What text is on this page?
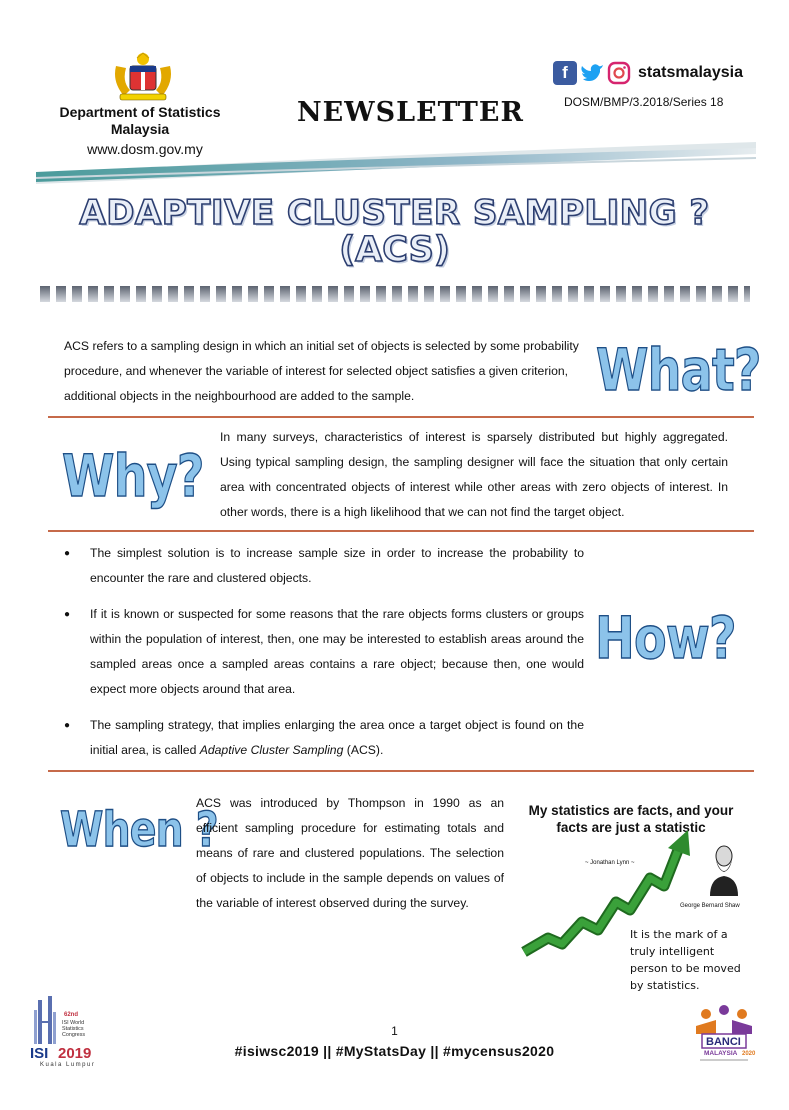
Department of Statistics
Malaysia
www.dosm.gov.my
NEWSLETTER
f	statsmalaysia
DOSM/BMP/3.2018/Series 18
ADAPTIVE CLUSTER SAMPLING ?
(ACS)
ACS refers to a sampling design in which an initial set of objects is selected by some probability procedure, and whenever the variable of interest for selected object satisfies a given criterion, additional objects in the neighbourhood are added to the sample.	What?
Why?
In many surveys, characteristics of interest is sparsely distributed but highly aggregated. Using typical sampling design, the sampling designer will face the situation that only certain area with concentrated objects of interest while other areas with zero objects of interest. In other words, there is a high likelihood that we can not find the target object.
● The simplest solution is to increase sample size in order to increase the probability to encounter the rare and clustered objects.
● If it is known or suspected for some reasons that the rare objects forms clusters or groups within the population of interest, then, one may be interested to establish areas around the sampled areas once a sampled areas contains a rare object; because then, one would expect more objects around that area.
● The sampling strategy, that implies enlarging the area once a target object is found on the initial area, is called Adaptive Cluster Sampling (ACS).
How?
When ?
ACS was introduced by Thompson in 1990 as an efficient sampling procedure for estimating totals and means of rare and clustered populations. The selection of objects to include in the sample depends on values of the variable of interest observed during the survey.
My statistics are facts, and your facts are just a statistic
~ Jonathan Lynn ~
George Bernard Shaw
It is the mark of a truly intelligent person to be moved by statistics.
62nd
ISI World
Statistics
Congress
ISI 2019
Kuala Lumpur
1
#isiwsc2019 || #MyStatsDay || #mycensus2020
BANCI
MALAYSIA 2020
